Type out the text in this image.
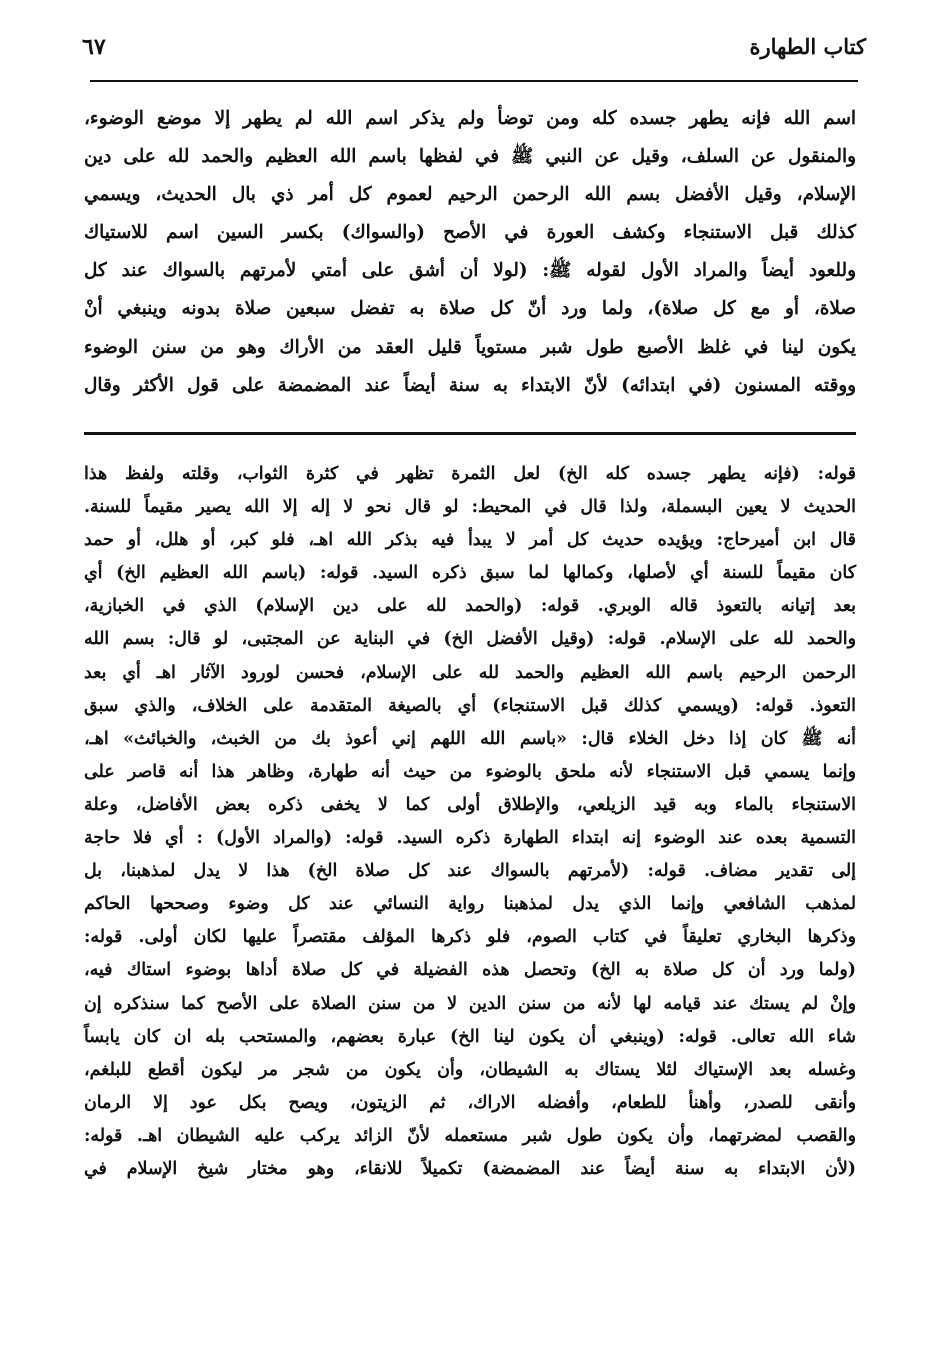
كتاب الطهارة
٦٧
اسم الله فإنه يطهر جسده كله ومن توضأ ولم يذكر اسم الله لم يطهر إلا موضع الوضوء،
والمنقول عن السلف، وقيل عن النبي ﷺ في لفظها باسم الله العظيم والحمد لله على دين
الإسلام، وقيل الأفضل بسم الله الرحمن الرحيم لعموم كل أمر ذي بال الحديث، ويسمي
كذلك قبل الاستنجاء وكشف العورة في الأصح (والسواك) بكسر السين اسم للاستياك
وللعود أيضاً والمراد الأول لقوله ﷺ: (لولا أن أشق على أمتي لأمرتهم بالسواك عند كل
صلاة، أو مع كل صلاة)، ولما ورد أنّ كل صلاة به تفضل سبعين صلاة بدونه وينبغي أنْ
يكون لينا في غلظ الأصبع طول شبر مستوياً قليل العقد من الأراك وهو من سنن الوضوء
ووقته المسنون (في ابتدائه) لأنّ الابتداء به سنة أيضاً عند المضمضة على قول الأكثر وقال
قوله: (فإنه يطهر جسده كله الخ) لعل الثمرة تظهر في كثرة الثواب، وقلته ولفظ هذا
الحديث لا يعين البسملة، ولذا قال في المحيط: لو قال نحو لا إله إلا الله يصير مقيماً للسنة.
قال ابن أميرحاج: ويؤيده حديث كل أمر لا يبدأ فيه بذكر الله اهـ، فلو كبر، أو هلل، أو حمد
كان مقيماً للسنة أي لأصلها، وكمالها لما سبق ذكره السيد. قوله: (باسم الله العظيم الخ) أي
بعد إتيانه بالتعوذ قاله الوبري. قوله: (والحمد لله على دين الإسلام) الذي في الخبازية،
والحمد لله على الإسلام. قوله: (وقيل الأفضل الخ) في البناية عن المجتبى، لو قال: بسم الله
الرحمن الرحيم باسم الله العظيم والحمد لله على الإسلام، فحسن لورود الآثار اهـ أي بعد
التعوذ. قوله: (ويسمي كذلك قبل الاستنجاء) أي بالصيغة المتقدمة على الخلاف، والذي سبق
أنه ﷺ كان إذا دخل الخلاء قال: «باسم الله اللهم إني أعوذ بك من الخبث، والخبائث» اهـ،
وإنما يسمي قبل الاستنجاء لأنه ملحق بالوضوء من حيث أنه طهارة، وظاهر هذا أنه قاصر على
الاستنجاء بالماء وبه قيد الزيلعي، والإطلاق أولى كما لا يخفى ذكره بعض الأفاضل، وعلة
التسمية بعده عند الوضوء إنه ابتداء الطهارة ذكره السيد. قوله: (والمراد الأول) : أي فلا حاجة
إلى تقدير مضاف. قوله: (لأمرتهم بالسواك عند كل صلاة الخ) هذا لا يدل لمذهبنا، بل
لمذهب الشافعي وإنما الذي يدل لمذهبنا رواية النسائي عند كل وضوء وصححها الحاكم
وذكرها البخاري تعليقاً في كتاب الصوم، فلو ذكرها المؤلف مقتصراً عليها لكان أولى. قوله:
(ولما ورد أن كل صلاة به الخ) وتحصل هذه الفضيلة في كل صلاة أداها بوضوء استاك فيه،
وإنْ لم يستك عند قيامه لها لأنه من سنن الدين لا من سنن الصلاة على الأصح كما سنذكره إن
شاء الله تعالى. قوله: (وينبغي أن يكون لينا الخ) عبارة بعضهم، والمستحب بله ان كان يابساً
وغسله بعد الإستياك لئلا يستاك به الشيطان، وأن يكون من شجر مر ليكون أقطع للبلغم،
وأنقى للصدر، وأهنأ للطعام، وأفضله الاراك، ثم الزيتون، ويصح بكل عود إلا الرمان
والقصب لمضرتهما، وأن يكون طول شبر مستعمله لأنّ الزائد يركب عليه الشيطان اهـ. قوله:
(لأن الابتداء به سنة أيضاً عند المضمضة) تكميلاً للانقاء، وهو مختار شيخ الإسلام في
